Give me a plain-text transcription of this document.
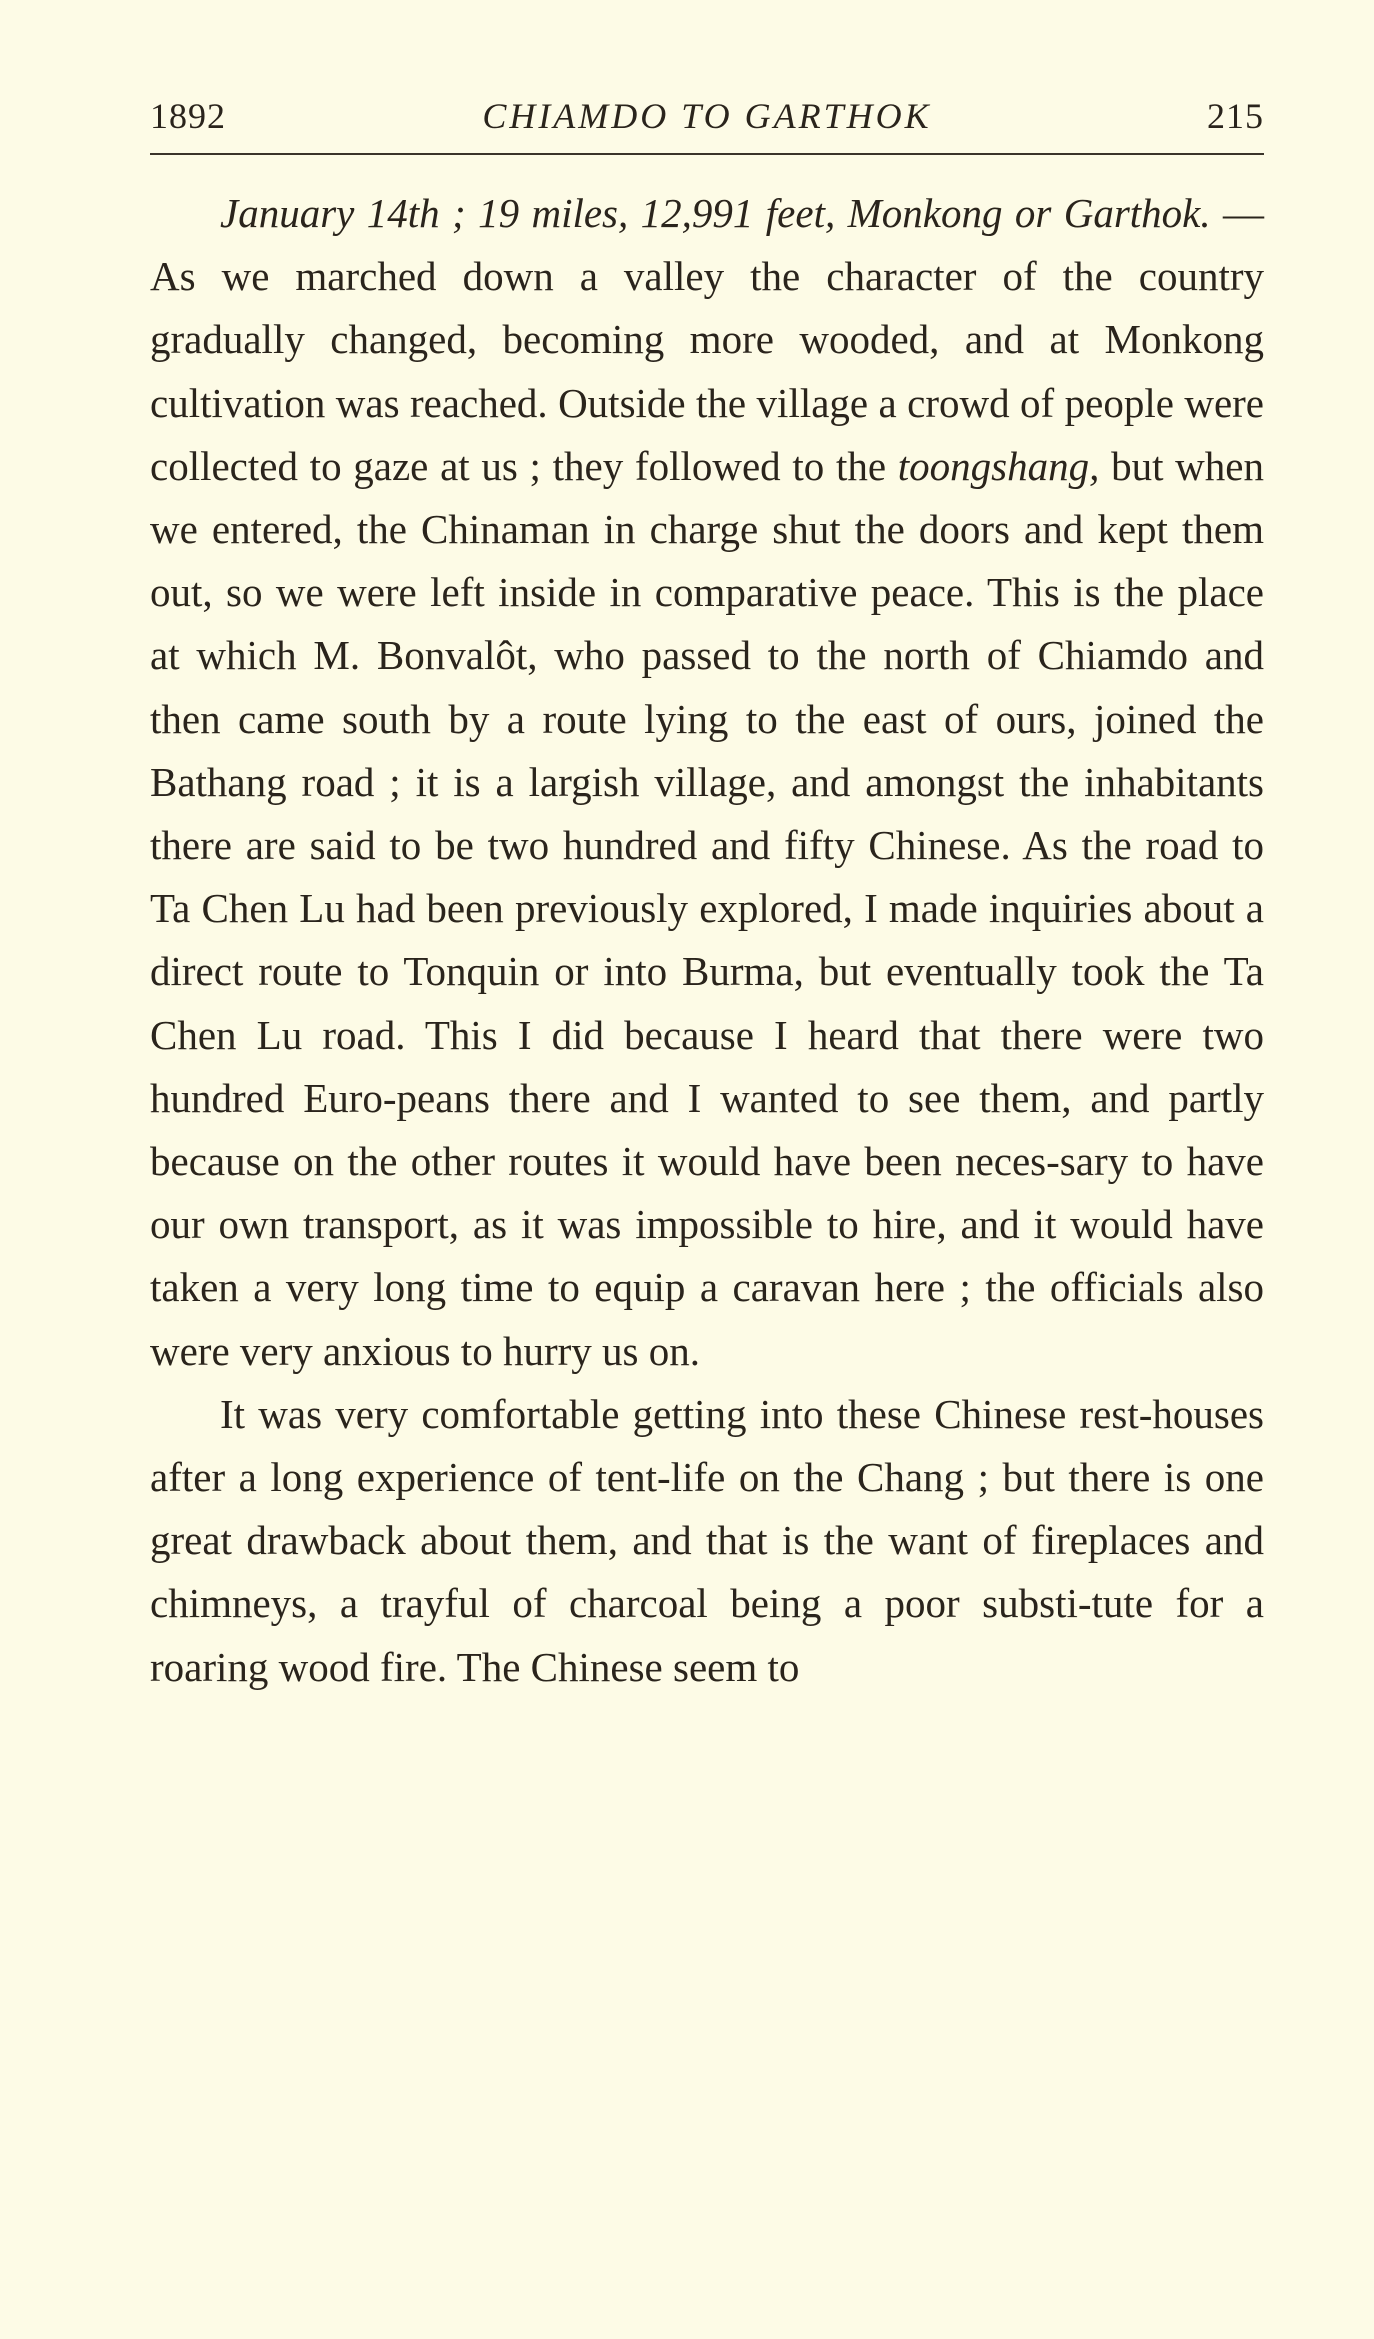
1892	CHIAMDO TO GARTHOK	215

January 14th ; 19 miles, 12,991 feet, Monkong or Garthok. — As we marched down a valley the character of the country gradually changed, becoming more wooded, and at Monkong cultivation was reached. Outside the village a crowd of people were collected to gaze at us ; they followed to the toongshang, but when we entered, the Chinaman in charge shut the doors and kept them out, so we were left inside in comparative peace. This is the place at which M. Bonvalôt, who passed to the north of Chiamdo and then came south by a route lying to the east of ours, joined the Bathang road ; it is a largish village, and amongst the inhabitants there are said to be two hundred and fifty Chinese. As the road to Ta Chen Lu had been previously explored, I made inquiries about a direct route to Tonquin or into Burma, but eventually took the Ta Chen Lu road. This I did because I heard that there were two hundred Euro-peans there and I wanted to see them, and partly because on the other routes it would have been neces-sary to have our own transport, as it was impossible to hire, and it would have taken a very long time to equip a caravan here ; the officials also were very anxious to hurry us on.

It was very comfortable getting into these Chinese rest-houses after a long experience of tent-life on the Chang ; but there is one great drawback about them, and that is the want of fireplaces and chimneys, a trayful of charcoal being a poor substi-tute for a roaring wood fire. The Chinese seem to
